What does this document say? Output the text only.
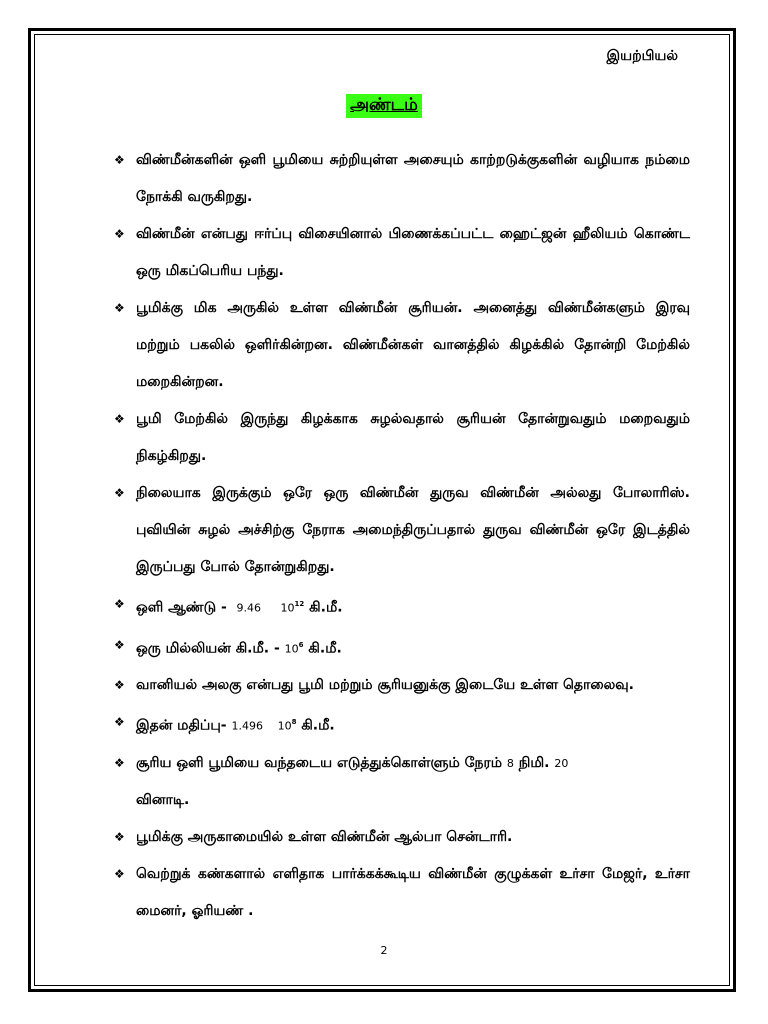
இயற்பியல்
அண்டம்
❖ விண்மீன்களின் ஒளி பூமியை சுற்றியுள்ள அசையும் காற்றடுக்குகளின் வழியாக நம்மை நோக்கி வருகிறது.
❖ விண்மீன் என்பது ஈர்ப்பு விசையினால் பிணைக்கப்பட்ட ஹைட்ஜன் ஹீலியம் கொண்ட ஒரு மிகப்பெரிய பந்து.
❖ பூமிக்கு மிக அருகில் உள்ள விண்மீன் சூரியன். அனைத்து விண்மீன்களும் இரவு மற்றும் பகலில் ஒளிர்கின்றன. விண்மீன்கள் வானத்தில் கிழக்கில் தோன்றி மேற்கில் மறைகின்றன.
❖ பூமி மேற்கில் இருந்து கிழக்காக சுழல்வதால் சூரியன் தோன்றுவதும் மறைவதும் நிகழ்கிறது.
❖ நிலையாக இருக்கும் ஒரே ஒரு விண்மீன் துருவ விண்மீன் அல்லது போலாரிஸ். புவியின் சுழல் அச்சிற்கு நேராக அமைந்திருப்பதால் துருவ விண்மீன் ஒரே இடத்தில் இருப்பது போல் தோன்றுகிறது.
❖ ஒளி ஆண்டு - 9.46 $10^{12}$ கி.மீ.
❖ ஒரு மில்லியன் கி.மீ. - $10^6$ கி.மீ.
❖ வானியல் அலகு என்பது பூமி மற்றும் சூரியனுக்கு இடையே உள்ள தொலைவு.
❖ இதன் மதிப்பு- 1.496 $10^8$ கி.மீ.
❖ சூரிய ஒளி பூமியை வந்தடைய எடுத்துக்கொள்ளும் நேரம் 8 நிமி. 20
வினாடி.
❖ பூமிக்கு அருகாமையில் உள்ள விண்மீன் ஆல்பா சென்டாரி.
❖ வெற்றுக் கண்களால் எளிதாக பார்க்கக்கூடிய விண்மீன் குழுக்கள் உர்சா மேஜர், உர்சா மைனர், ஓரியண் .
2
